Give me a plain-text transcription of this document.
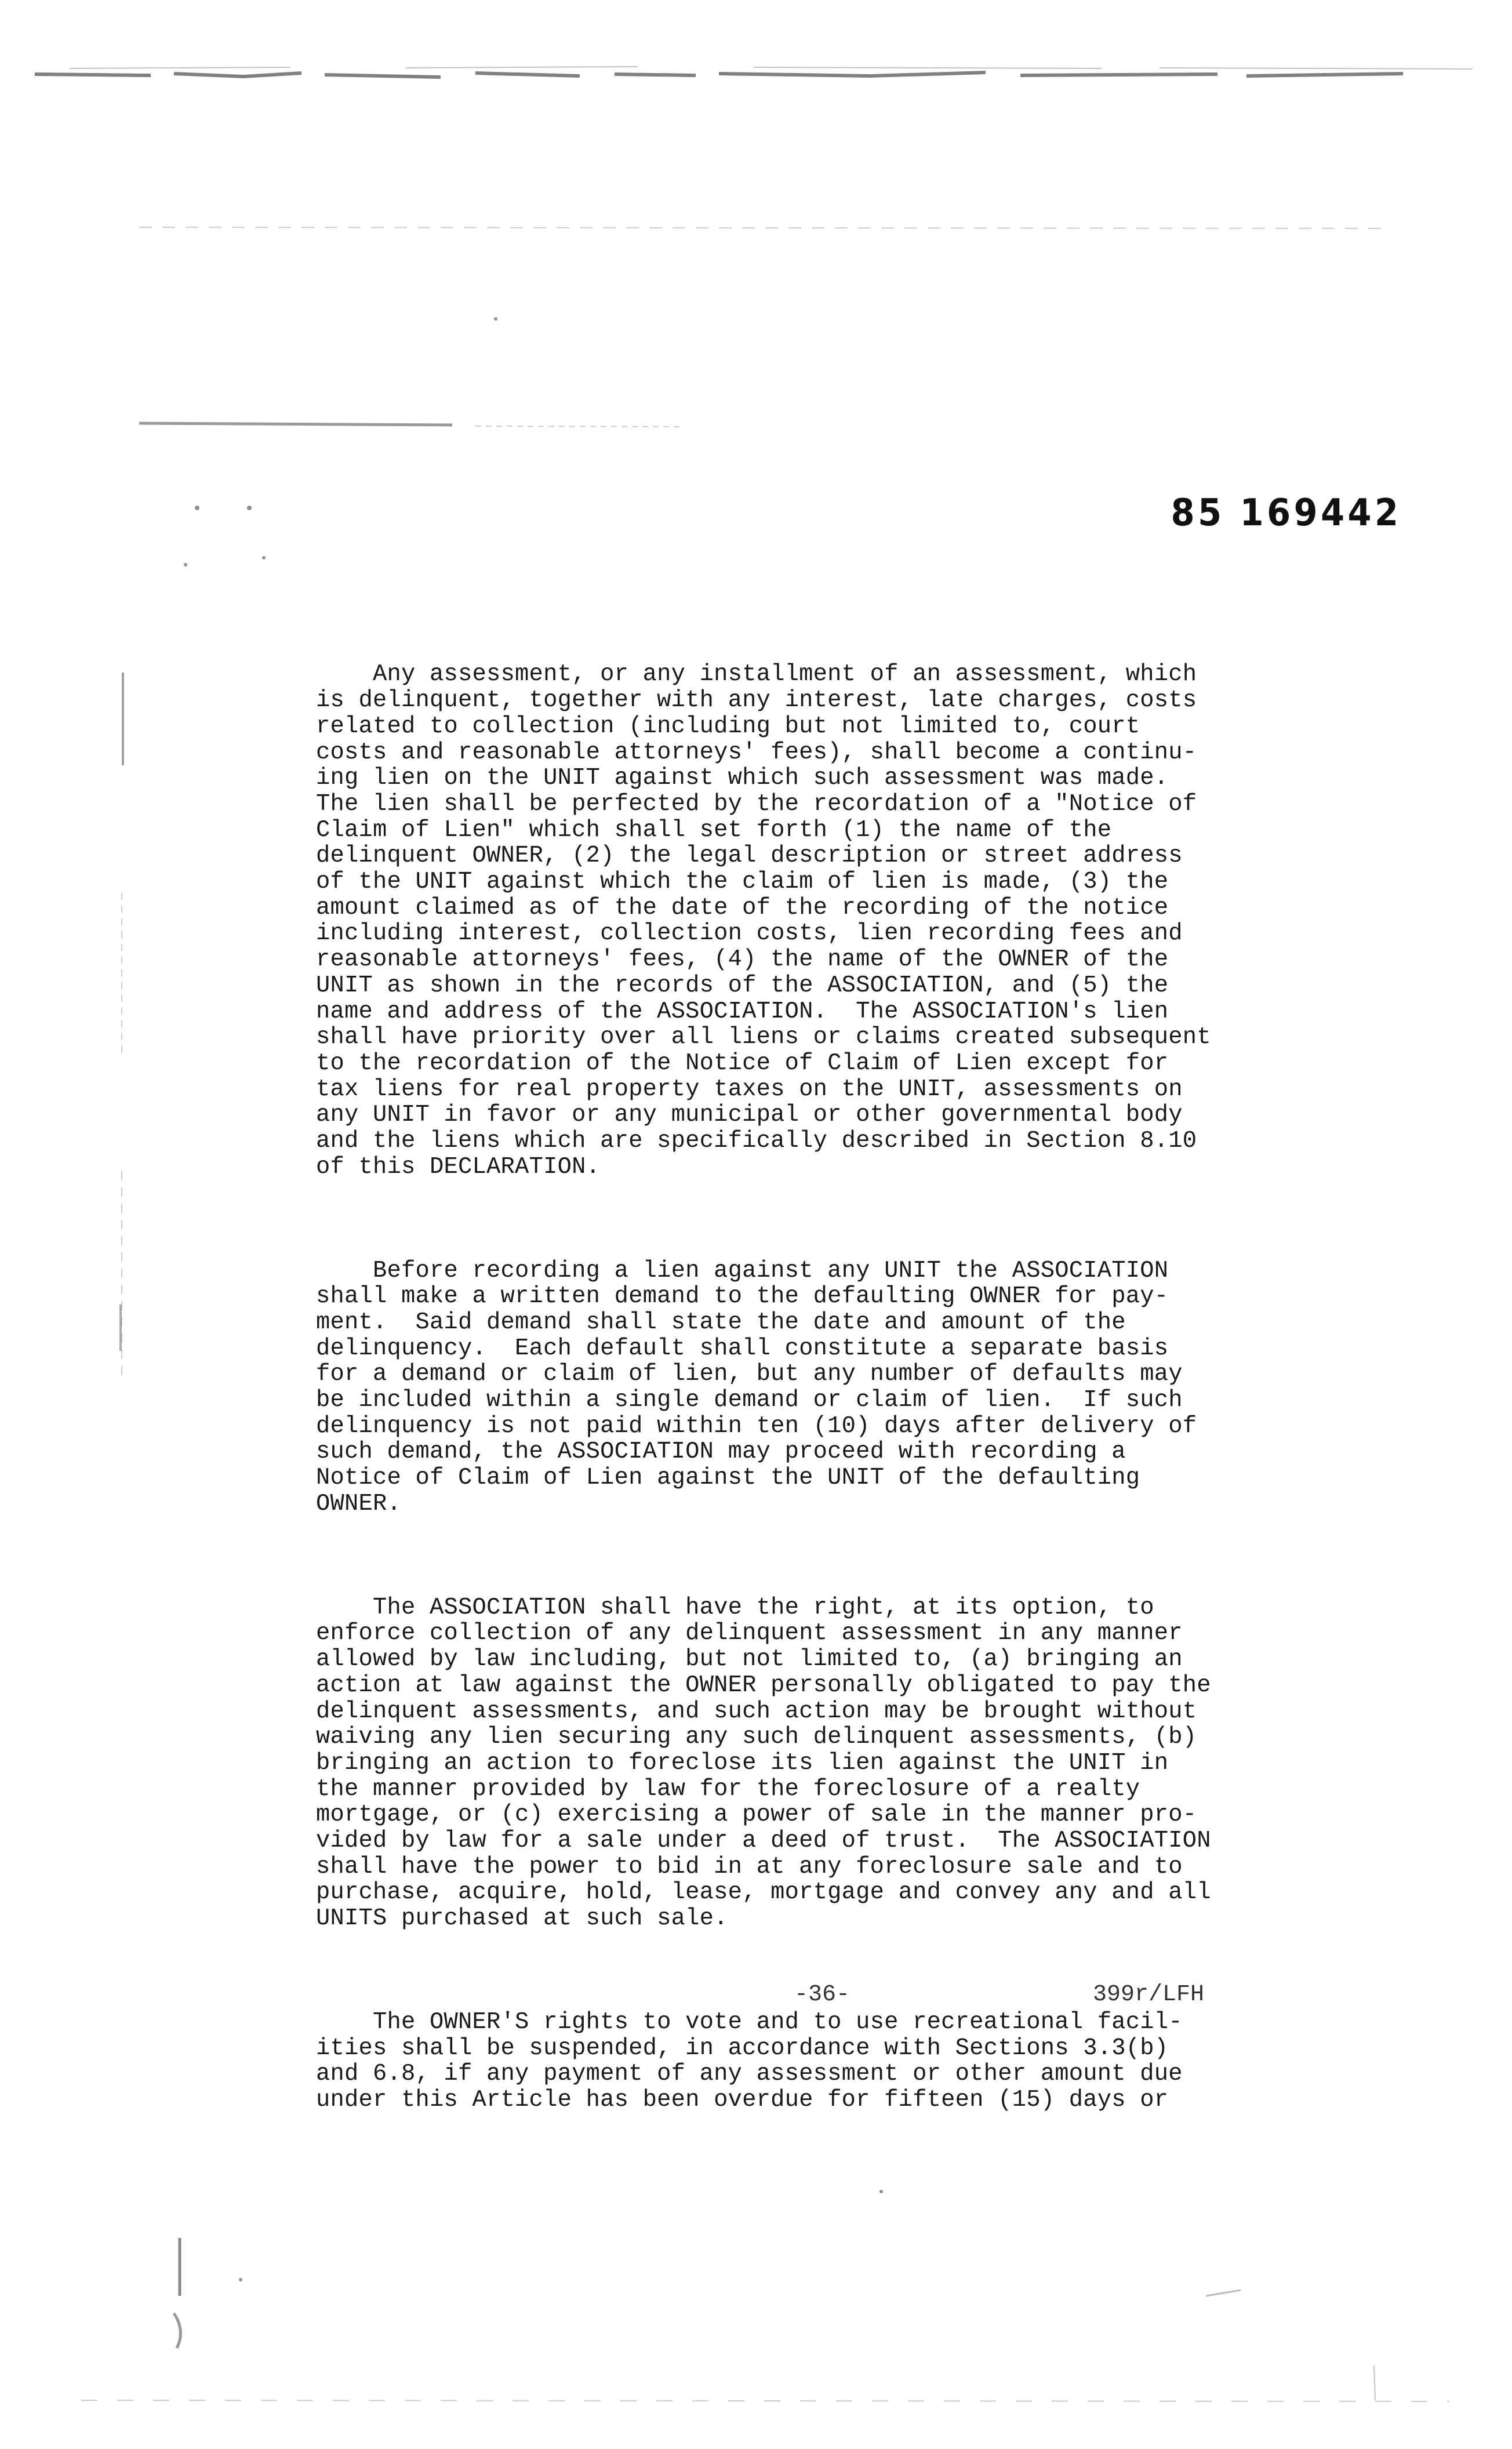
85 169442

Any assessment, or any installment of an assessment, which
is delinquent, together with any interest, late charges, costs
related to collection (including but not limited to, court
costs and reasonable attorneys' fees), shall become a continu-
ing lien on the UNIT against which such assessment was made.
The lien shall be perfected by the recordation of a "Notice of
Claim of Lien" which shall set forth (1) the name of the
delinquent OWNER, (2) the legal description or street address
of the UNIT against which the claim of lien is made, (3) the
amount claimed as of the date of the recording of the notice
including interest, collection costs, lien recording fees and
reasonable attorneys' fees, (4) the name of the OWNER of the
UNIT as shown in the records of the ASSOCIATION, and (5) the
name and address of the ASSOCIATION.  The ASSOCIATION's lien
shall have priority over all liens or claims created subsequent
to the recordation of the Notice of Claim of Lien except for
tax liens for real property taxes on the UNIT, assessments on
any UNIT in favor or any municipal or other governmental body
and the liens which are specifically described in Section 8.10
of this DECLARATION.

Before recording a lien against any UNIT the ASSOCIATION
shall make a written demand to the defaulting OWNER for pay-
ment.  Said demand shall state the date and amount of the
delinquency.  Each default shall constitute a separate basis
for a demand or claim of lien, but any number of defaults may
be included within a single demand or claim of lien.  If such
delinquency is not paid within ten (10) days after delivery of
such demand, the ASSOCIATION may proceed with recording a
Notice of Claim of Lien against the UNIT of the defaulting
OWNER.

The ASSOCIATION shall have the right, at its option, to
enforce collection of any delinquent assessment in any manner
allowed by law including, but not limited to, (a) bringing an
action at law against the OWNER personally obligated to pay the
delinquent assessments, and such action may be brought without
waiving any lien securing any such delinquent assessments, (b)
bringing an action to foreclose its lien against the UNIT in
the manner provided by law for the foreclosure of a realty
mortgage, or (c) exercising a power of sale in the manner pro-
vided by law for a sale under a deed of trust.  The ASSOCIATION
shall have the power to bid in at any foreclosure sale and to
purchase, acquire, hold, lease, mortgage and convey any and all
UNITS purchased at such sale.

The OWNER'S rights to vote and to use recreational facil-
ities shall be suspended, in accordance with Sections 3.3(b)
and 6.8, if any payment of any assessment or other amount due
under this Article has been overdue for fifteen (15) days or

-36-	399r/LFH
